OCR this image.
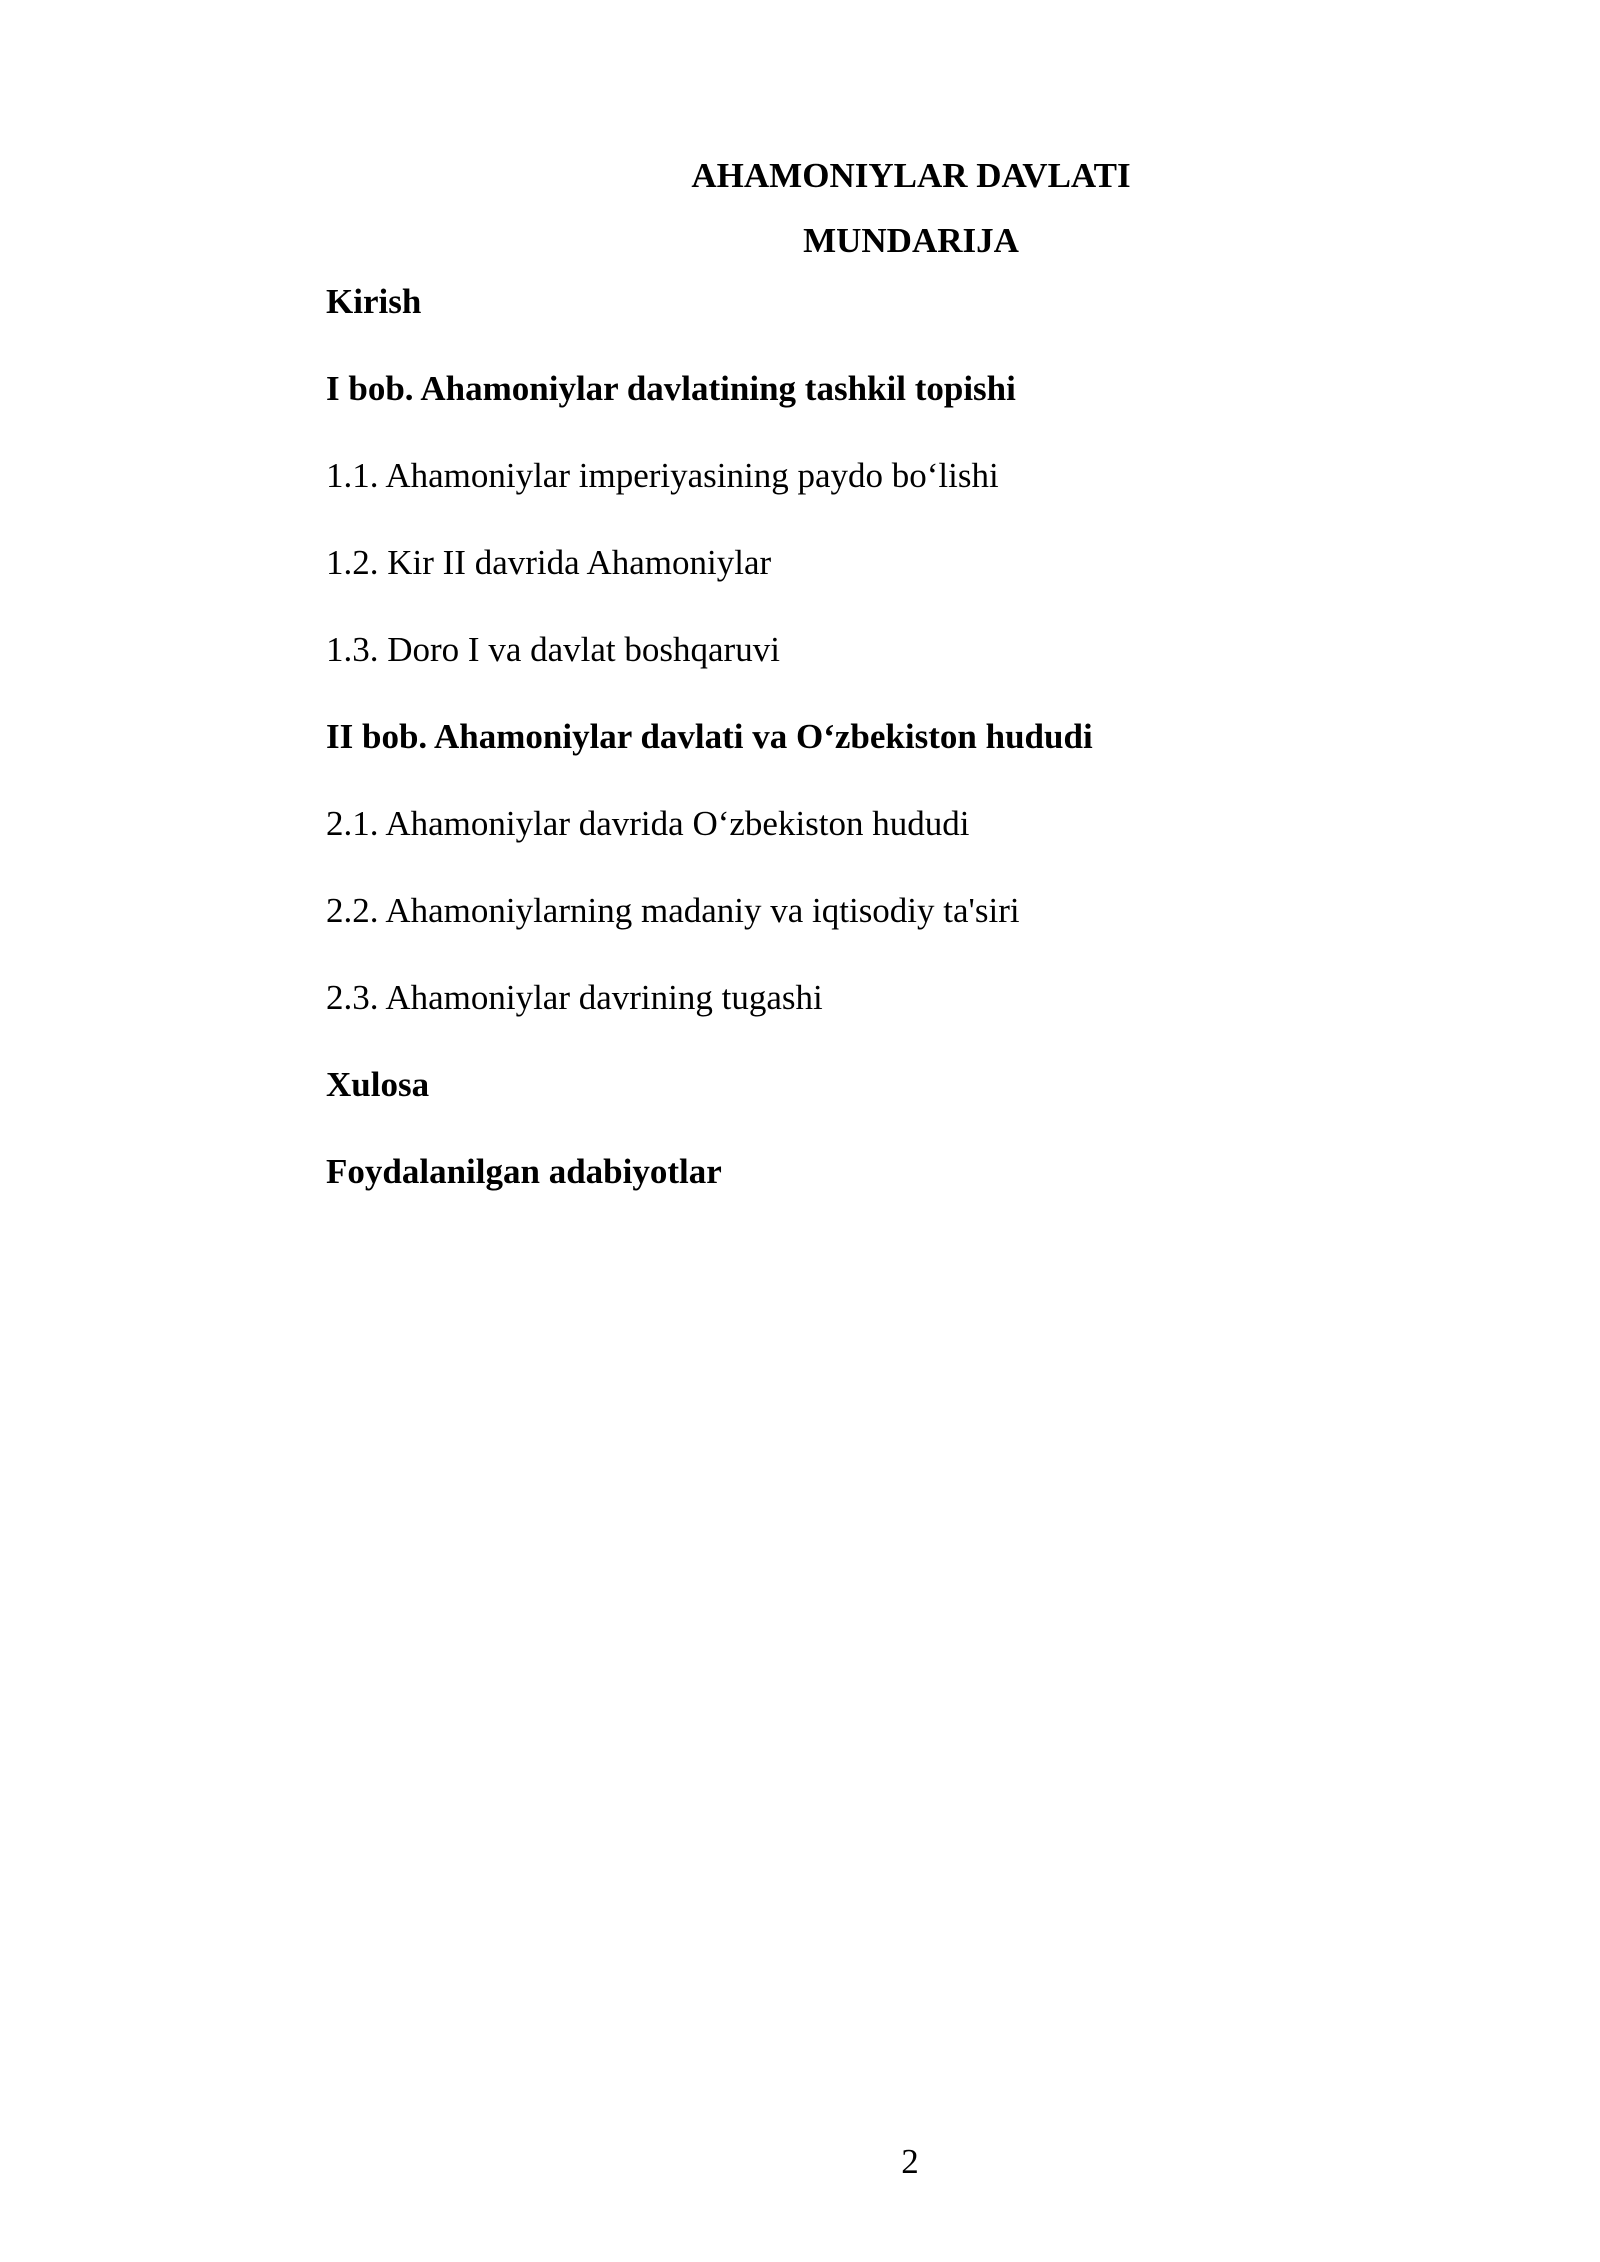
AHAMONIYLAR DAVLATI
MUNDARIJA
Kirish
I bob. Ahamoniylar davlatining tashkil topishi
1.1. Ahamoniylar imperiyasining paydo bo‘lishi
1.2. Kir II davrida Ahamoniylar
1.3. Doro I va davlat boshqaruvi
II bob. Ahamoniylar davlati va O‘zbekiston hududi
2.1. Ahamoniylar davrida O‘zbekiston hududi
2.2. Ahamoniylarning madaniy va iqtisodiy ta'siri
2.3. Ahamoniylar davrining tugashi
Xulosa
Foydalanilgan adabiyotlar
2
